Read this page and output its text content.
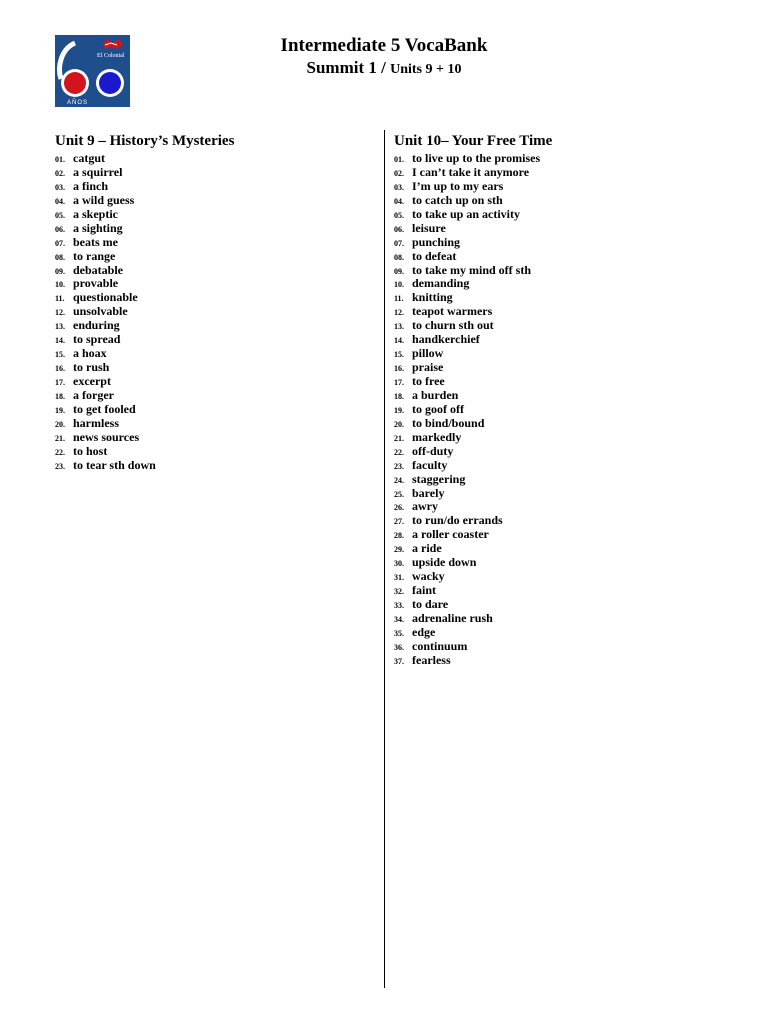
El Colonial
AÑOS
Intermediate 5 VocaBank
Summit 1 / Units 9 + 10
Unit 9 – History’s Mysteries
01. catgut
02. a squirrel
03. a finch
04. a wild guess
05. a skeptic
06. a sighting
07. beats me
08. to range
09. debatable
10. provable
11. questionable
12. unsolvable
13. enduring
14. to spread
15. a hoax
16. to rush
17. excerpt
18. a forger
19. to get fooled
20. harmless
21. news sources
22. to host
23. to tear sth down
Unit 10– Your Free Time
01. to live up to the promises
02. I can’t take it anymore
03. I’m up to my ears
04. to catch up on sth
05. to take up an activity
06. leisure
07. punching
08. to defeat
09. to take my mind off sth
10. demanding
11. knitting
12. teapot warmers
13. to churn sth out
14. handkerchief
15. pillow
16. praise
17. to free
18. a burden
19. to goof off
20. to bind/bound
21. markedly
22. off-duty
23. faculty
24. staggering
25. barely
26. awry
27. to run/do errands
28. a roller coaster
29. a ride
30. upside down
31. wacky
32. faint
33. to dare
34. adrenaline rush
35. edge
36. continuum
37. fearless
